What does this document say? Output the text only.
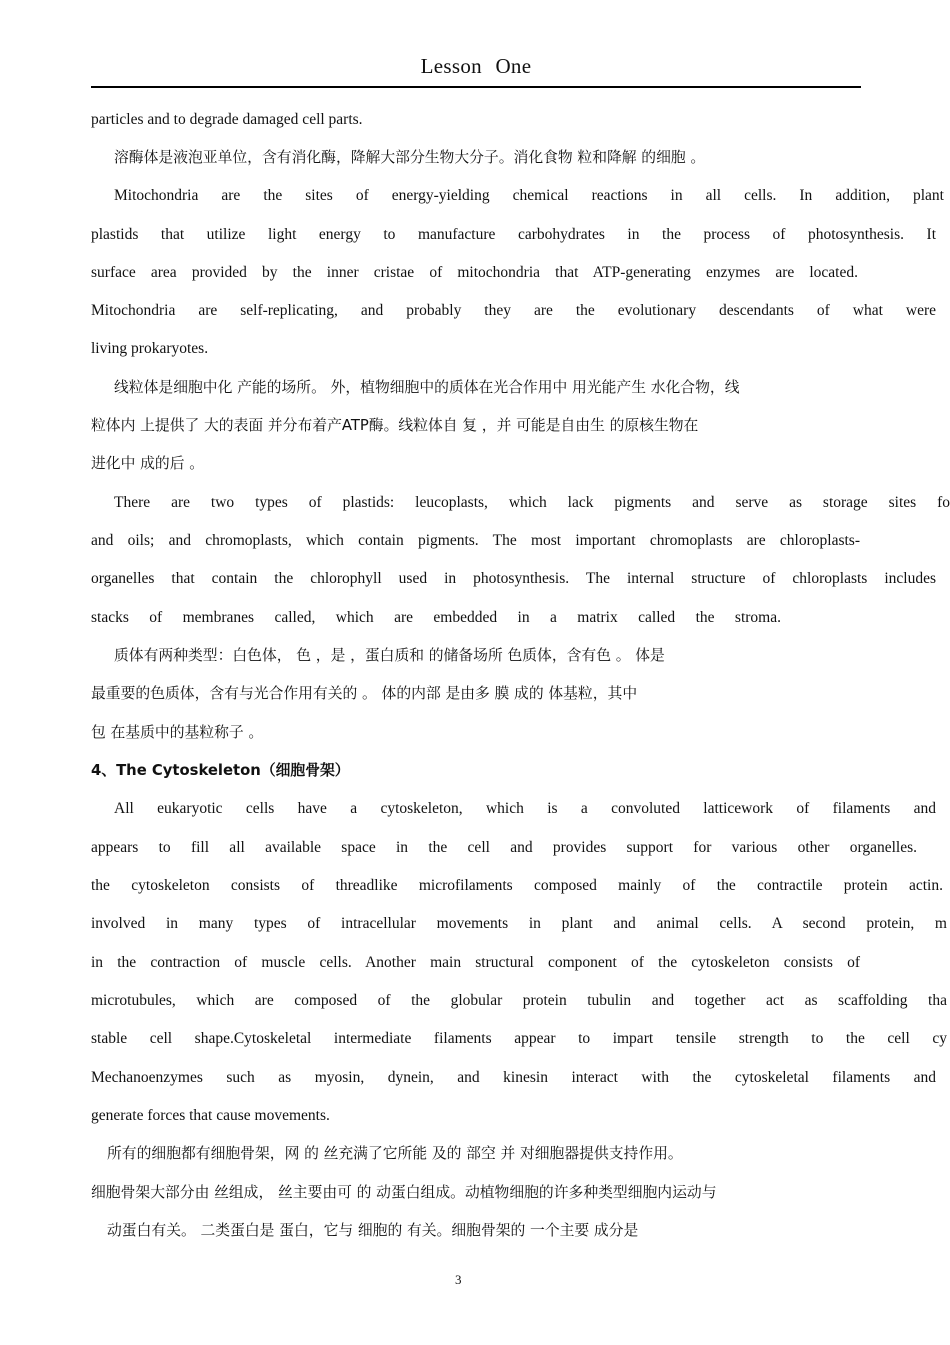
Lesson One
particles and to degrade damaged cell parts.
溶酶体是液泡亚单位，含有消化酶，降解大部分生物大分子。消化食物 粒和降解 的细胞 。
Mitochondria are the sites of energy-yielding chemical reactions in all cells. In addition, plant
plastids that utilize light energy to manufacture carbohydrates in the process of photosynthesis. It
surface area provided by the inner cristae of mitochondria that ATP-generating enzymes are located.
Mitochondria are self-replicating, and probably they are the evolutionary descendants of what were
living prokaryotes.
线粒体是细胞中化 产能的场所。 外，植物细胞中的质体在光合作用中 用光能产生 水化合物，线
粒体内 上提供了 大的表面 并分布着产ATP酶。线粒体自 复 ，并 可能是自由生 的原核生物在
进化中 成的后 。
There are two types of plastids: leucoplasts, which lack pigments and serve as storage sites fo
and oils; and chromoplasts, which contain pigments. The most important chromoplasts are chloroplasts-
organelles that contain the chlorophyll used in photosynthesis. The internal structure of chloroplasts includes
stacks of membranes called, which are embedded in a matrix called the stroma.
质体有两种类型：白色体， 色 ，是 ，蛋白质和 的储备场所 色质体，含有色 。 体是
最重要的色质体，含有与光合作用有关的 。 体的内部 是由多 膜 成的 体基粒，其中
包 在基质中的基粒称子 。
4、The Cytoskeleton（细胞骨架）
All eukaryotic cells have a cytoskeleton, which is a convoluted latticework of filaments and
appears to fill all available space in the cell and provides support for various other organelles.
the cytoskeleton consists of threadlike microfilaments composed mainly of the contractile protein actin.
involved in many types of intracellular movements in plant and animal cells. A second protein, m
in the contraction of muscle cells. Another main structural component of the cytoskeleton consists of
microtubules, which are composed of the globular protein tubulin and together act as scaffolding tha
stable cell shape.Cytoskeletal intermediate filaments appear to impart tensile strength to the cell cy
Mechanoenzymes such as myosin, dynein, and kinesin interact with the cytoskeletal filaments and
generate forces that cause movements.
所有的细胞都有细胞骨架，网 的 丝充满了它所能 及的 部空 并 对细胞器提供支持作用。
细胞骨架大部分由 丝组成， 丝主要由可 的 动蛋白组成。动植物细胞的许多种类型细胞内运动与
动蛋白有关。 二类蛋白是 蛋白，它与 细胞的 有关。细胞骨架的 一个主要 成分是
3
